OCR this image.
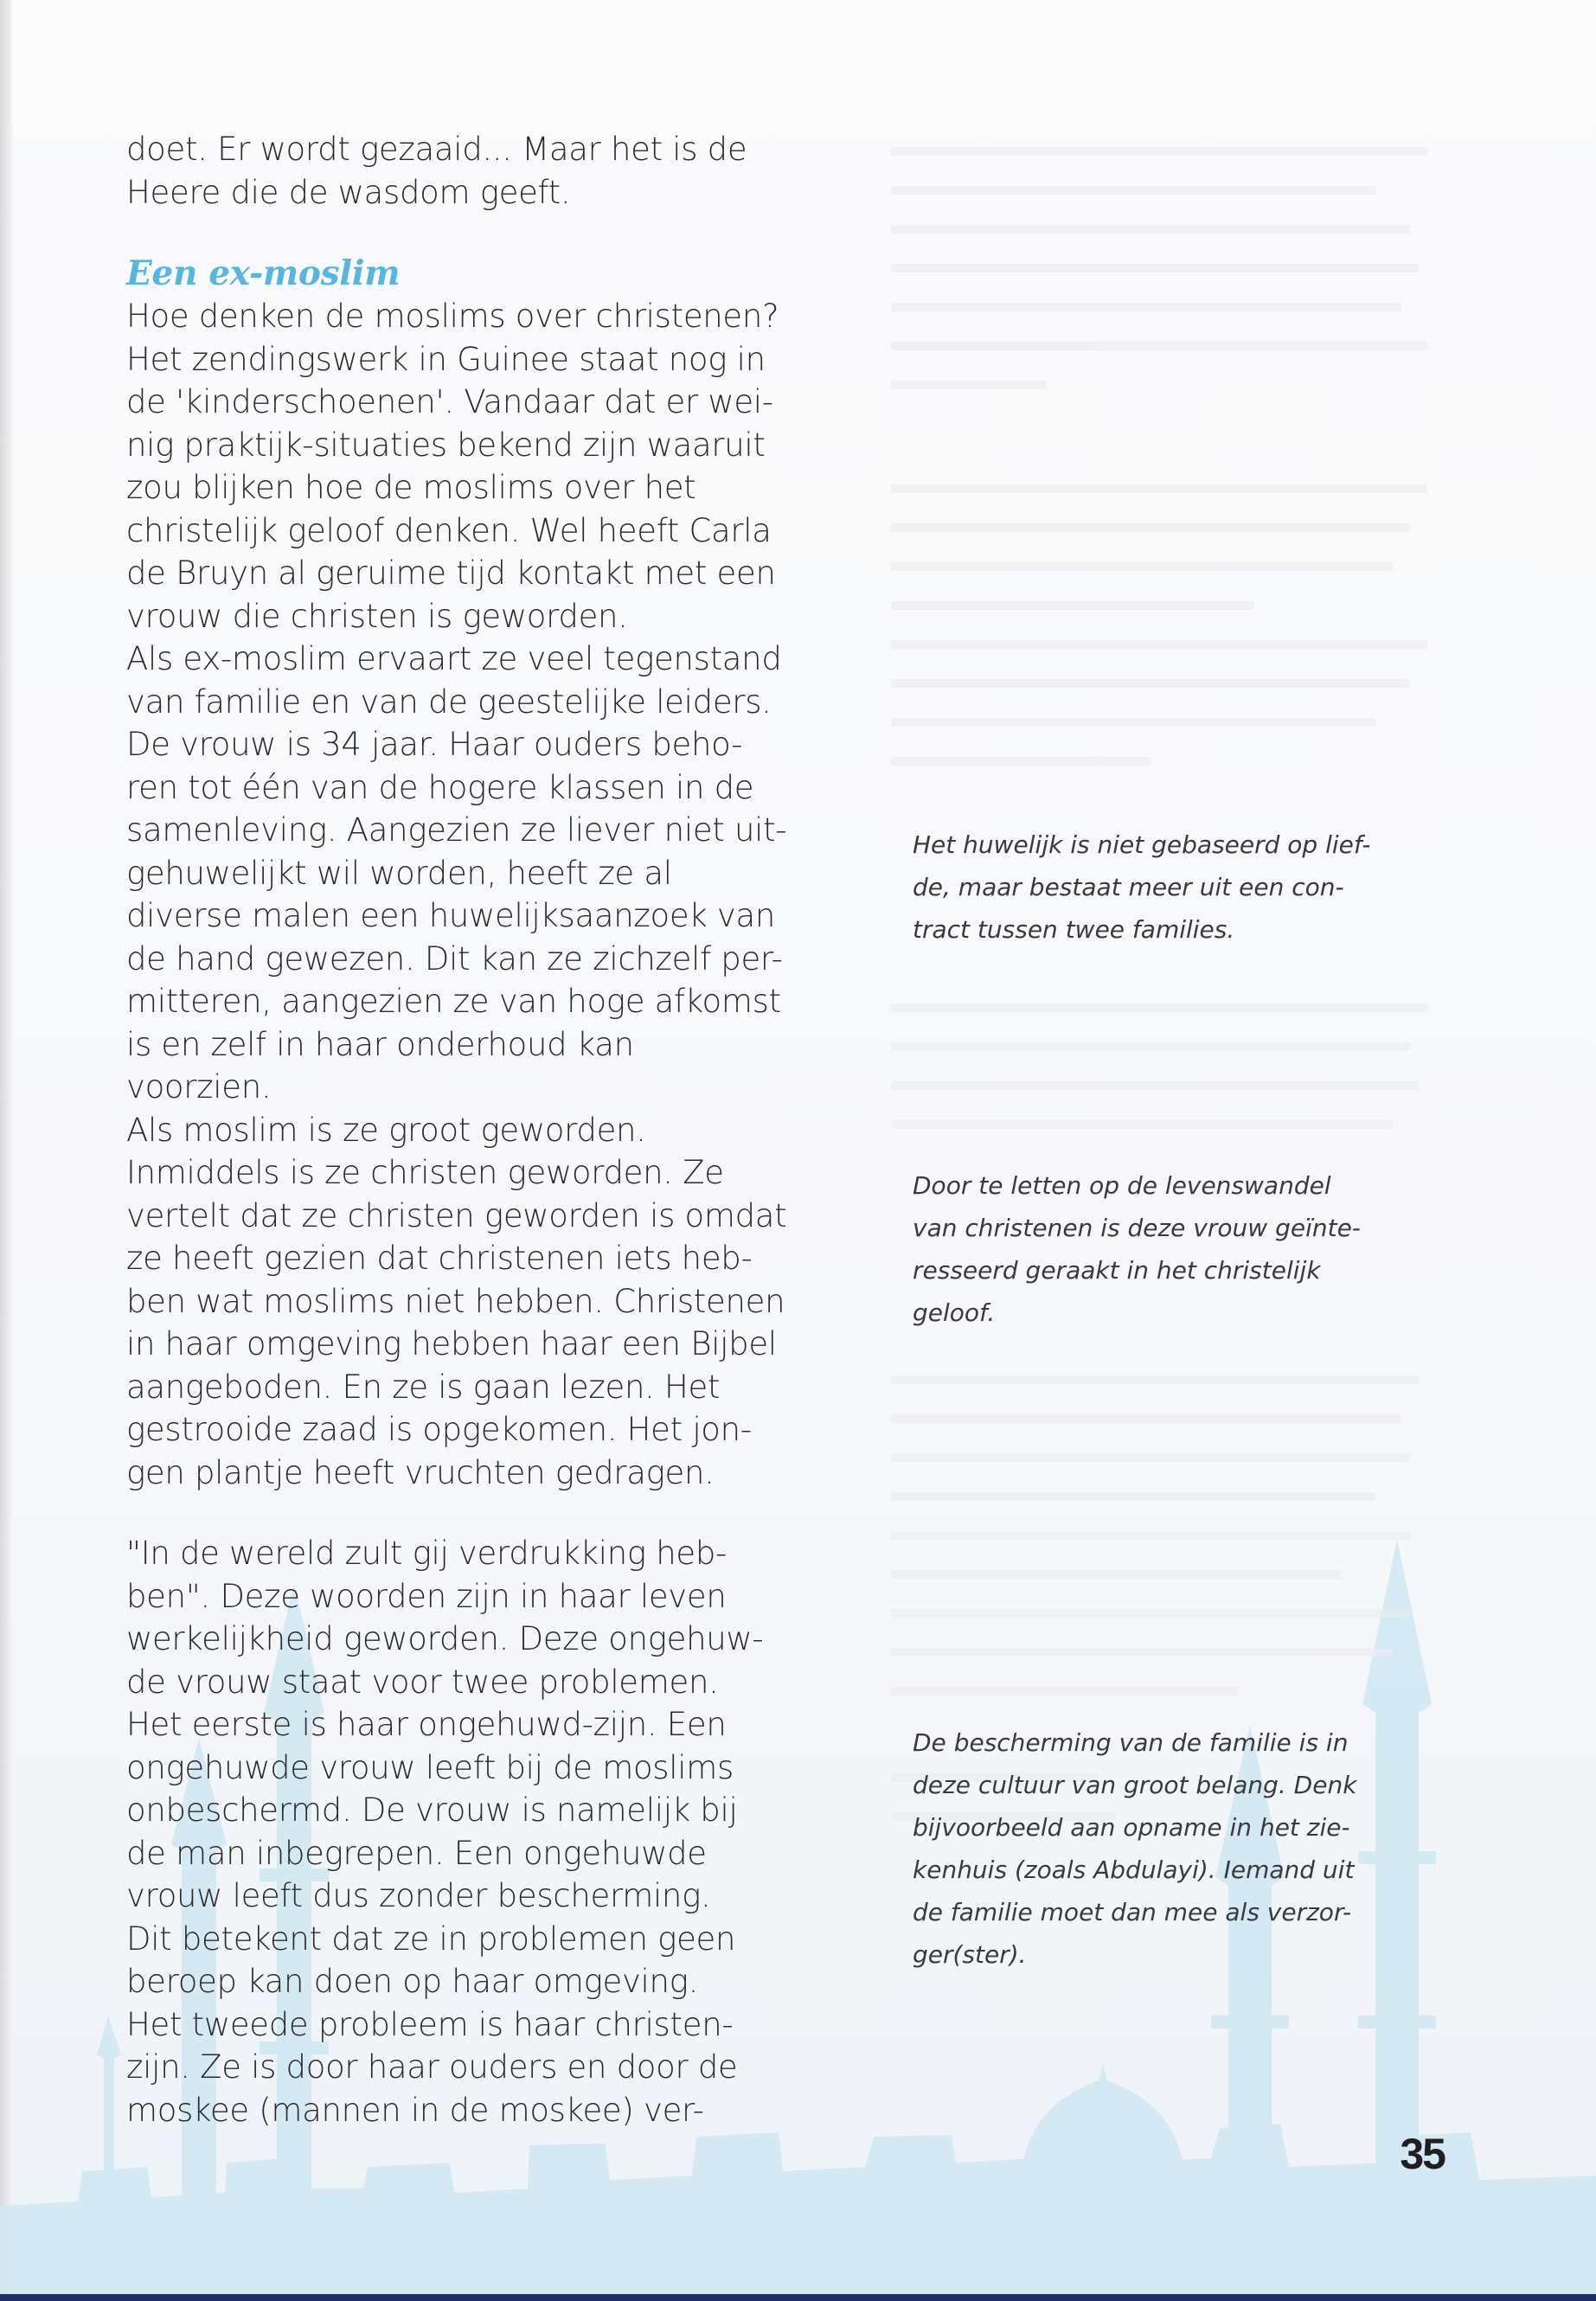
doet. Er wordt gezaaid... Maar het is de
Heere die de wasdom geeft.

Een ex-moslim

Hoe denken de moslims over christenen?
Het zendingswerk in Guinee staat nog in
de 'kinderschoenen'. Vandaar dat er wei-
nig praktijk-situaties bekend zijn waaruit
zou blijken hoe de moslims over het
christelijk geloof denken. Wel heeft Carla
de Bruyn al geruime tijd kontakt met een
vrouw die christen is geworden.
Als ex-moslim ervaart ze veel tegenstand
van familie en van de geestelijke leiders.
De vrouw is 34 jaar. Haar ouders beho-
ren tot één van de hogere klassen in de
samenleving. Aangezien ze liever niet uit-
gehuwelijkt wil worden, heeft ze al
diverse malen een huwelijksaanzoek van
de hand gewezen. Dit kan ze zichzelf per-
mitteren, aangezien ze van hoge afkomst
is en zelf in haar onderhoud kan
voorzien.
Als moslim is ze groot geworden.
Inmiddels is ze christen geworden. Ze
vertelt dat ze christen geworden is omdat
ze heeft gezien dat christenen iets heb-
ben wat moslims niet hebben. Christenen
in haar omgeving hebben haar een Bijbel
aangeboden. En ze is gaan lezen. Het
gestrooide zaad is opgekomen. Het jon-
gen plantje heeft vruchten gedragen.

"In de wereld zult gij verdrukking heb-
ben". Deze woorden zijn in haar leven
werkelijkheid geworden. Deze ongehuw-
de vrouw staat voor twee problemen.
Het eerste is haar ongehuwd-zijn. Een
ongehuwde vrouw leeft bij de moslims
onbeschermd. De vrouw is namelijk bij
de man inbegrepen. Een ongehuwde
vrouw leeft dus zonder bescherming.
Dit betekent dat ze in problemen geen
beroep kan doen op haar omgeving.
Het tweede probleem is haar christen-
zijn. Ze is door haar ouders en door de
moskee (mannen in de moskee) ver-

Het huwelijk is niet gebaseerd op lief-
de, maar bestaat meer uit een con-
tract tussen twee families.

Door te letten op de levenswandel
van christenen is deze vrouw geïnte-
resseerd geraakt in het christelijk
geloof.

De bescherming van de familie is in
deze cultuur van groot belang. Denk
bijvoorbeeld aan opname in het zie-
kenhuis (zoals Abdulayi). Iemand uit
de familie moet dan mee als verzor-
ger(ster).

35
